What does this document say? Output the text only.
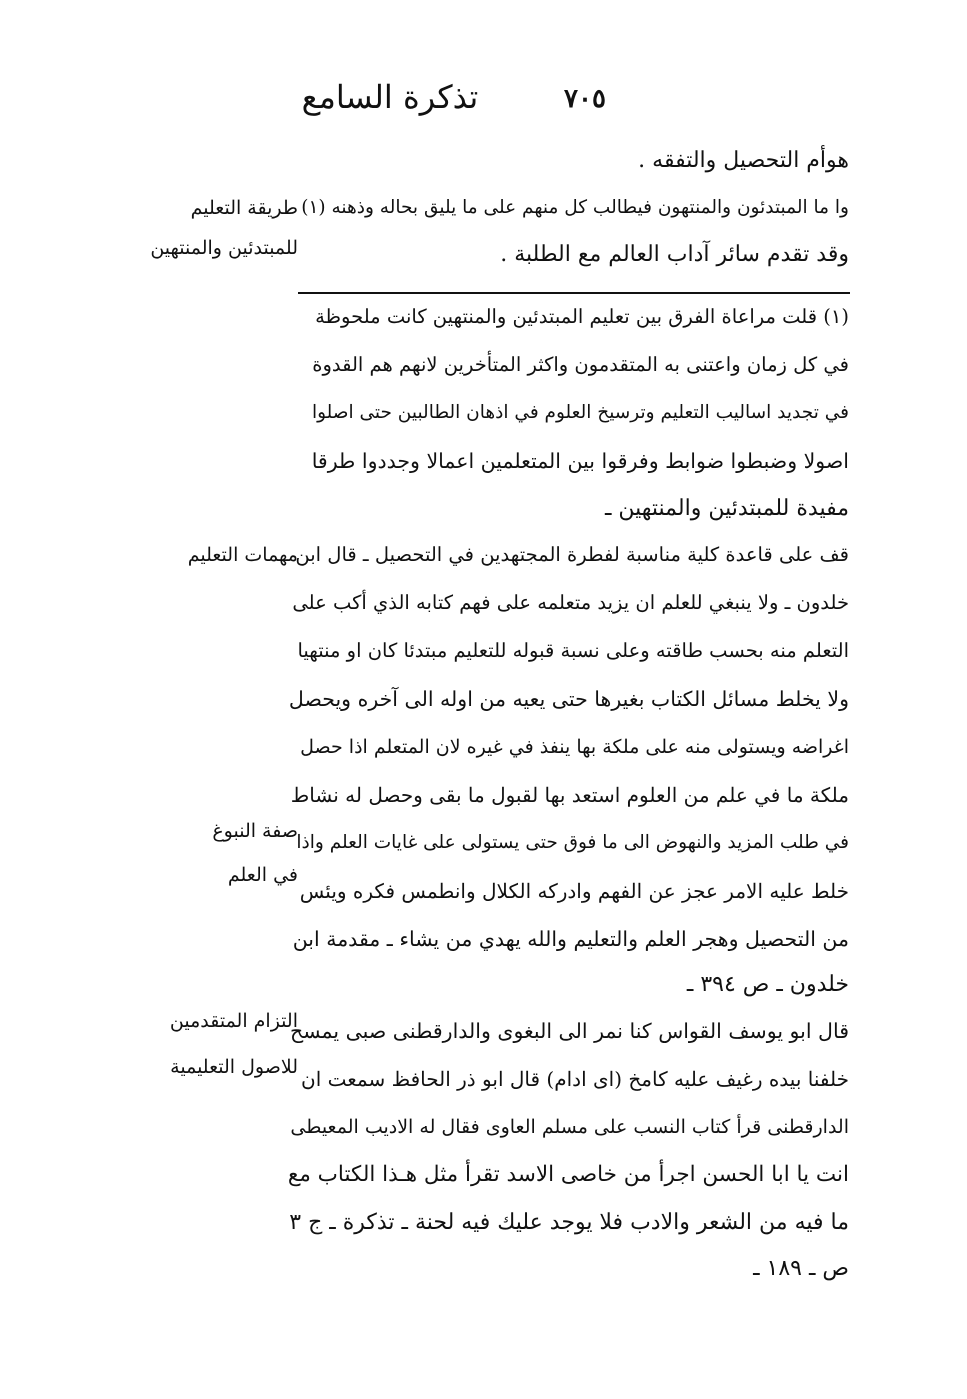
تذكرة السامع	٧٠٥
هوأم التحصيل والتفقه .
وا ما المبتدئون والمنتهون فيطالب كل منهم على ما يليق بحاله وذهنه (١)
وقد تقدم سائر آداب العالم مع الطلبة .
طريقة التعليم
للمبتدئين والمنتهين
(١) قلت مراعاة الفرق بين تعليم المبتدئين والمنتهين كانت ملحوظة
في كل زمان واعتنى به المتقدمون واكثر المتأخرين لانهم هم القدوة
في تجديد اساليب التعليم وترسيخ العلوم في اذهان الطالبين حتى اصلوا
اصولا وضبطوا ضوابط وفرقوا بين المتعلمين اعمالا وجددوا طرقا
مفيدة للمبتدئين والمنتهين ـ
قف على قاعدة كلية مناسبة لفطرة المجتهدين في التحصيل ـ قال ابن
خلدون ـ ولا ينبغي للعلم ان يزيد متعلمه على فهم كتابه الذي أكب على
التعلم منه بحسب طاقته وعلى نسبة قبوله للتعليم مبتدئا كان او منتهيا
ولا يخلط مسائل الكتاب بغيرها حتى يعيه من اوله الى آخره ويحصل
اغراضه ويستولى منه على ملكة بها ينفذ في غيره لان المتعلم اذا حصل
ملكة ما في علم من العلوم استعد بها لقبول ما بقى وحصل له نشاط
في طلب المزيد والنهوض الى ما فوق حتى يستولى على غايات العلم واذا
خلط عليه الامر عجز عن الفهم وادركه الكلال وانطمس فكره ويئس
من التحصيل وهجر العلم والتعليم والله يهدي من يشاء ـ مقدمة ابن
خلدون ـ ص ٣٩٤ ـ
مهمات التعليم
صفة النبوغ
في العلم
قال ابو يوسف القواس كنا نمر الى البغوى والدارقطنى صبى يمسح
خلفنا بيده رغيف عليه كامخ (اى ادام) قال ابو ذر الحافظ سمعت ان
الدارقطنى قرأ كتاب النسب على مسلم العاوى فقال له الاديب المعيطى
انت يا ابا الحسن اجرأ من خاصى الاسد تقرأ مثل هـذا الكتاب مع
ما فيه من الشعر والادب فلا يوجد عليك فيه لحنة ـ تذكرة ـ ج ٣
ص ـ ١٨٩ ـ
التزام المتقدمين
للاصول التعليمية
